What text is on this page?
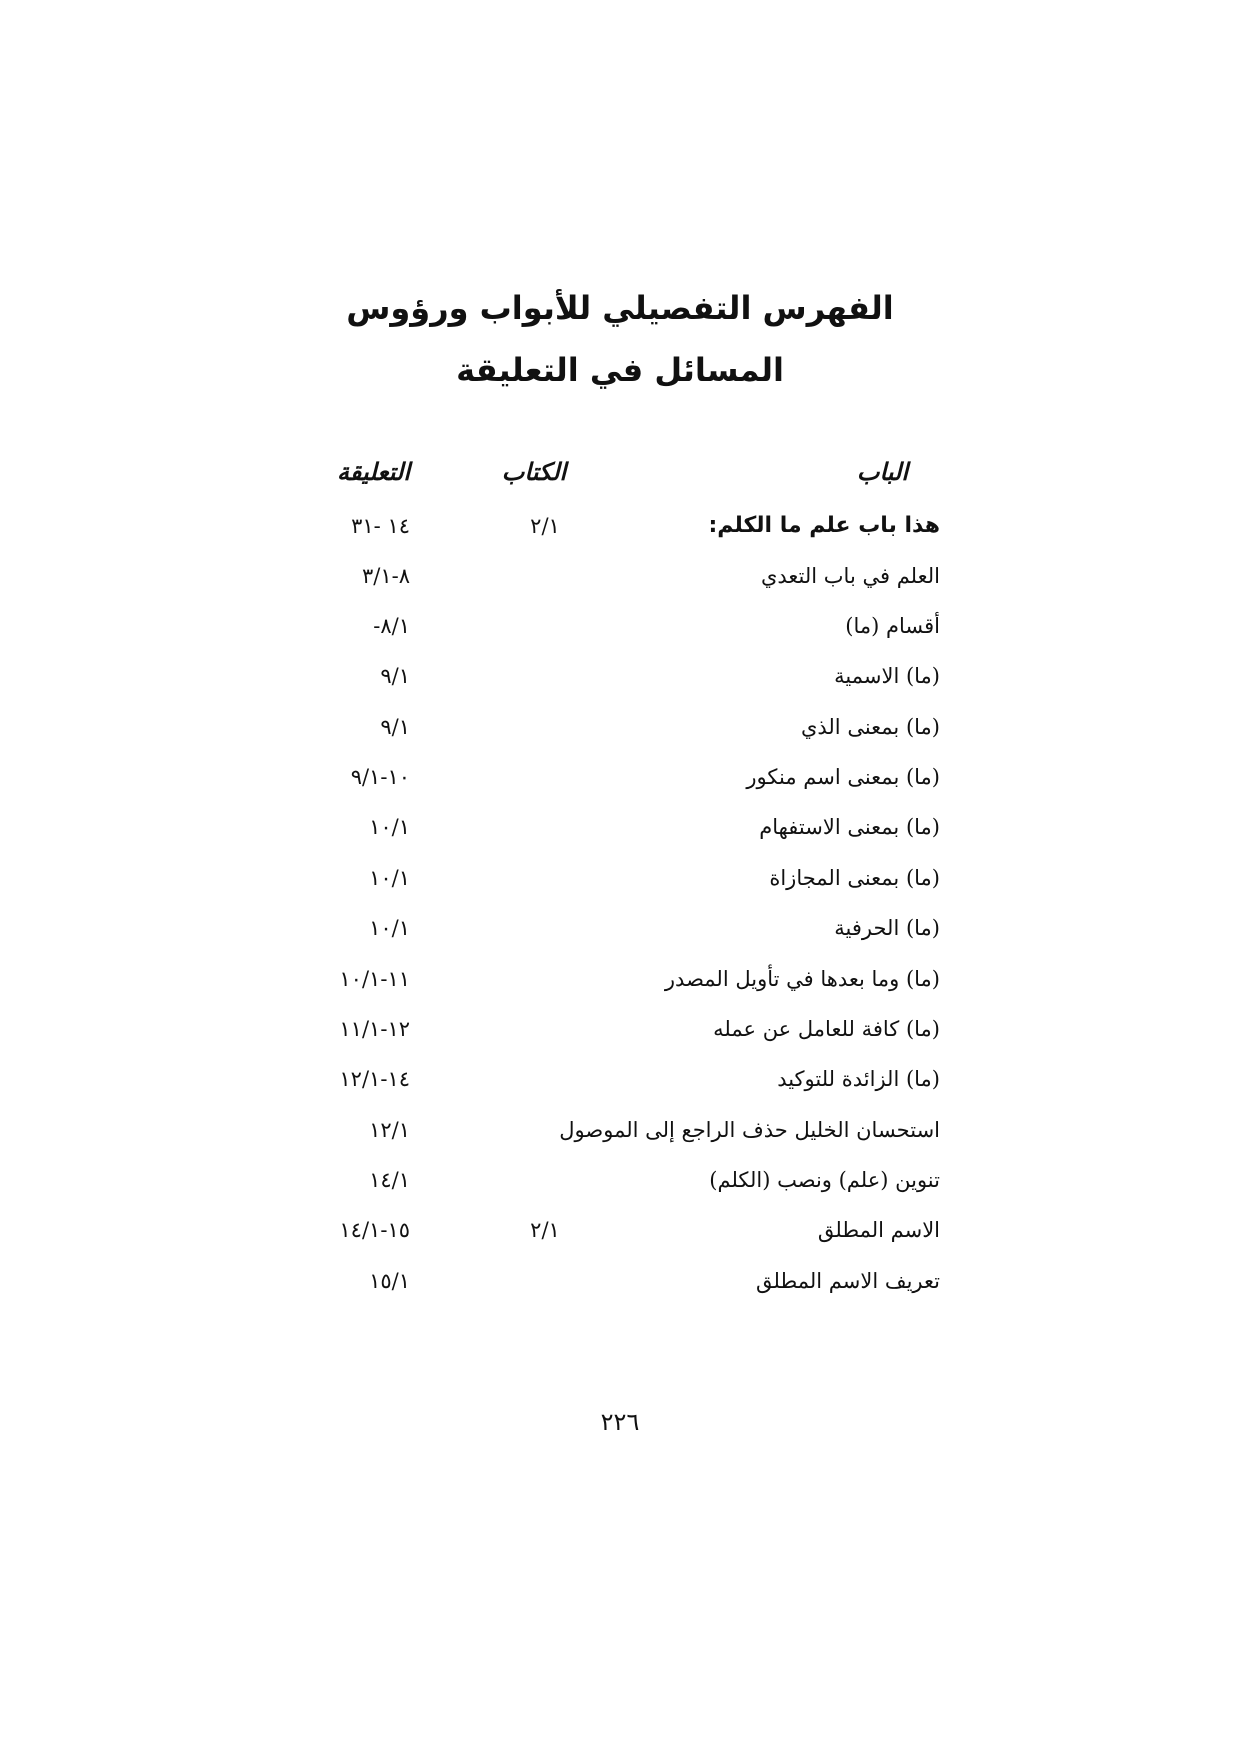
الفهرس التفصيلي للأبواب ورؤوس
المسائل في التعليقة
الباب
الكتاب
التعليقة
هذا باب علم ما الكلم:
٢/١
١٤ -٣١
العلم في باب التعدي
٨-٣/١
أقسام (ما)
-٨/١
(ما) الاسمية
٩/١
(ما) بمعنى الذي
٩/١
(ما) بمعنى اسم منكور
١٠-٩/١
(ما) بمعنى الاستفهام
١٠/١
(ما) بمعنى المجازاة
١٠/١
(ما) الحرفية
١٠/١
(ما) وما بعدها في تأويل المصدر
١١-١٠/١
(ما) كافة للعامل عن عمله
١٢-١١/١
(ما) الزائدة للتوكيد
١٤-١٢/١
استحسان الخليل حذف الراجع إلى الموصول
١٢/١
تنوين (علم) ونصب (الكلم)
١٤/١
الاسم المطلق
٢/١
١٥-١٤/١
تعريف الاسم المطلق
١٥/١
٢٢٦
